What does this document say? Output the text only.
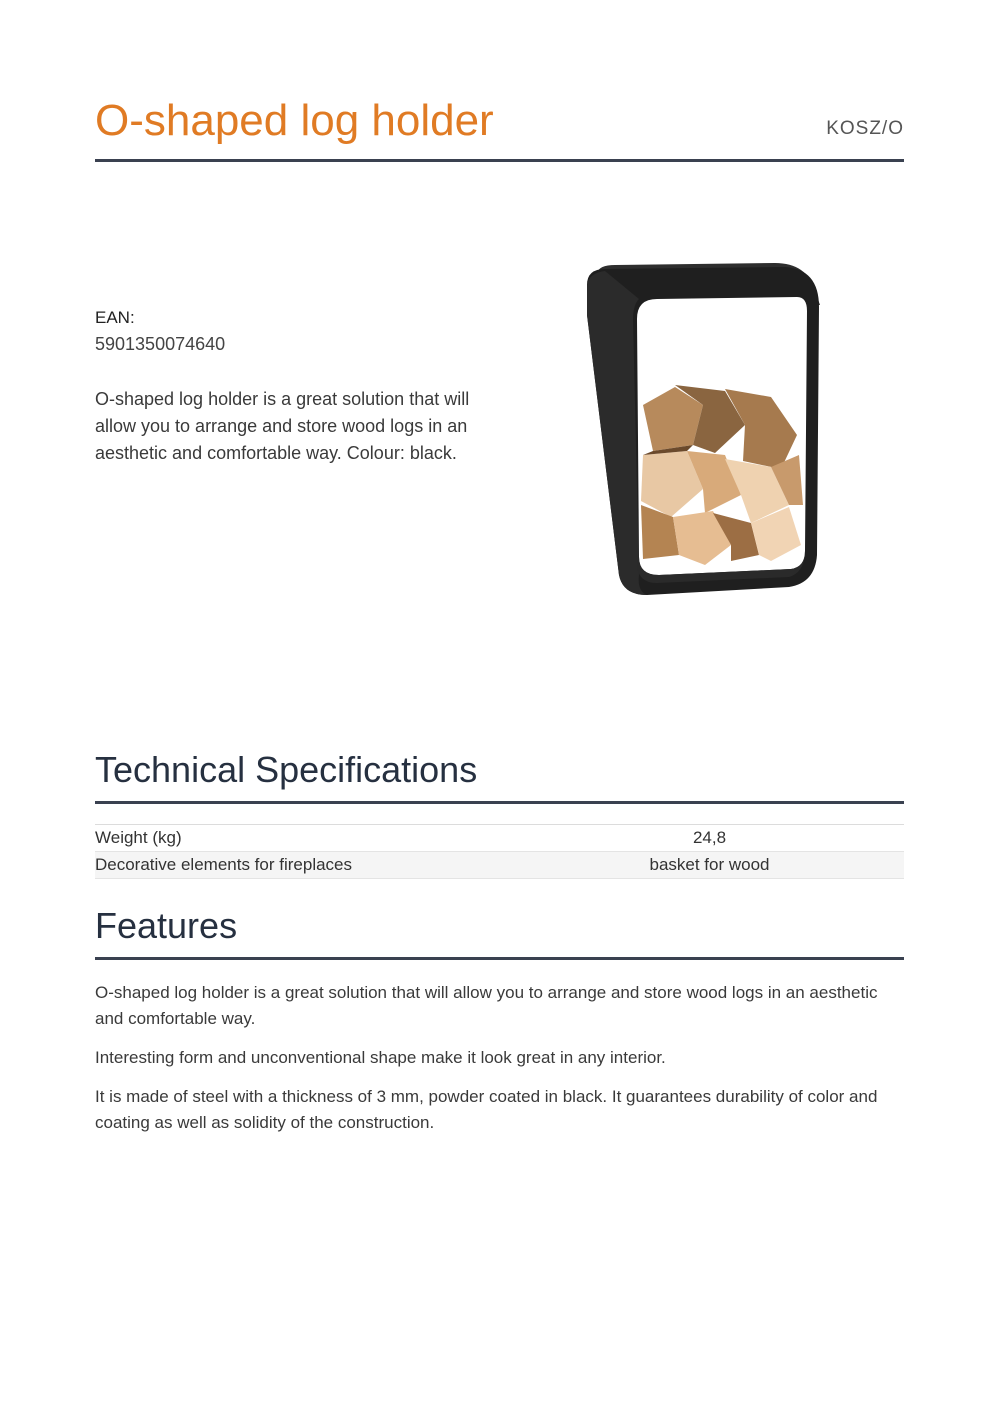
O-shaped log holder	KOSZ/O
EAN:
5901350074640

O-shaped log holder is a great solution that will allow you to arrange and store wood logs in an aesthetic and comfortable way. Colour: black.

Technical Specifications
Weight (kg)	24,8
Decorative elements for fireplaces	basket for wood
Features

O-shaped log holder is a great solution that will allow you to arrange and store wood logs in an aesthetic and comfortable way.

Interesting form and unconventional shape make it look great in any interior.

It is made of steel with a thickness of 3 mm, powder coated in black. It guarantees durability of color and coating as well as solidity of the construction.
